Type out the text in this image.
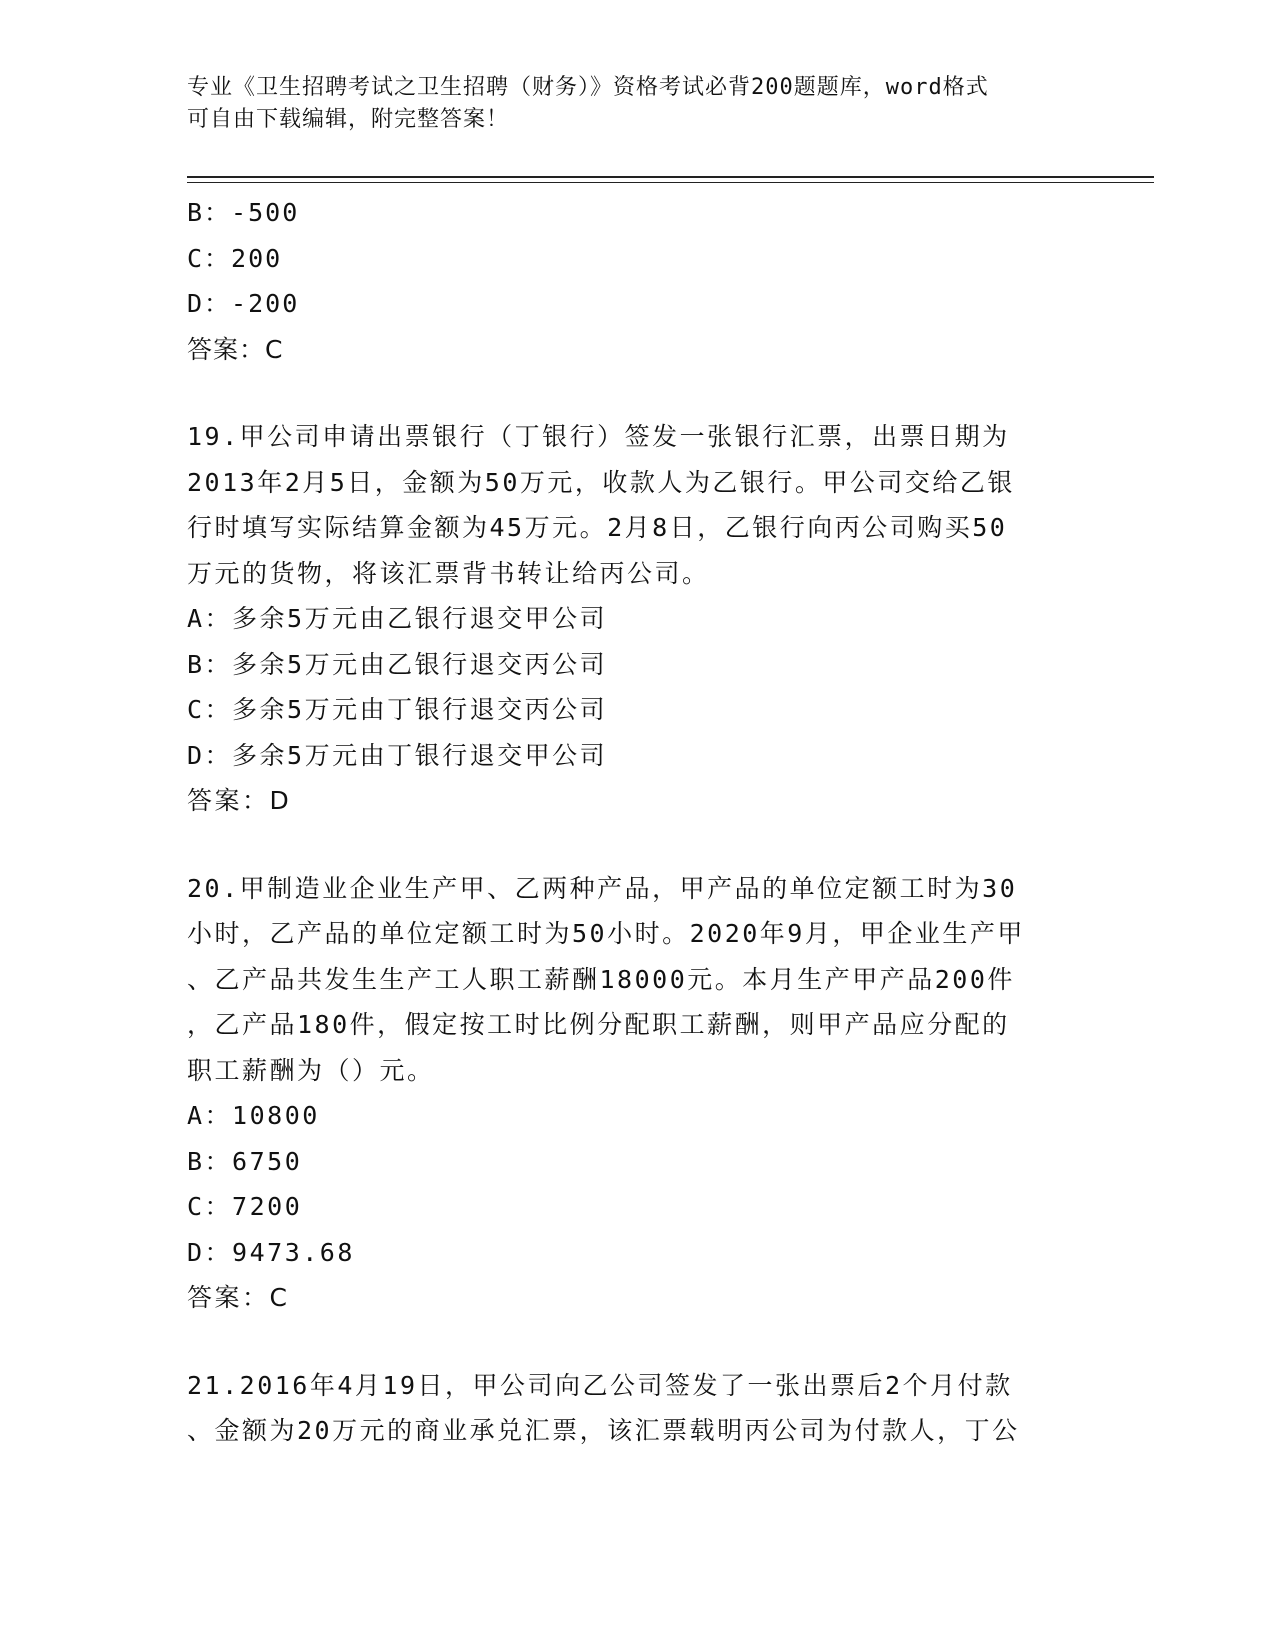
专业《卫生招聘考试之卫生招聘（财务）》资格考试必背200题题库，word格式
可自由下载编辑，附完整答案！
B：-500
C：200
D：-200
答案：C
19.甲公司申请出票银行（丁银行）签发一张银行汇票，出票日期为
2013年2月5日，金额为50万元，收款人为乙银行。甲公司交给乙银
行时填写实际结算金额为45万元。2月8日，乙银行向丙公司购买50
万元的货物，将该汇票背书转让给丙公司。
A：多余5万元由乙银行退交甲公司
B：多余5万元由乙银行退交丙公司
C：多余5万元由丁银行退交丙公司
D：多余5万元由丁银行退交甲公司
答案：D
20.甲制造业企业生产甲、乙两种产品，甲产品的单位定额工时为30
小时，乙产品的单位定额工时为50小时。2020年9月，甲企业生产甲
、乙产品共发生生产工人职工薪酬18000元。本月生产甲产品200件
，乙产品180件，假定按工时比例分配职工薪酬，则甲产品应分配的
职工薪酬为（）元。
A：10800
B：6750
C：7200
D：9473.68
答案：C
21.2016年4月19日，甲公司向乙公司签发了一张出票后2个月付款
、金额为20万元的商业承兑汇票，该汇票载明丙公司为付款人，丁公
